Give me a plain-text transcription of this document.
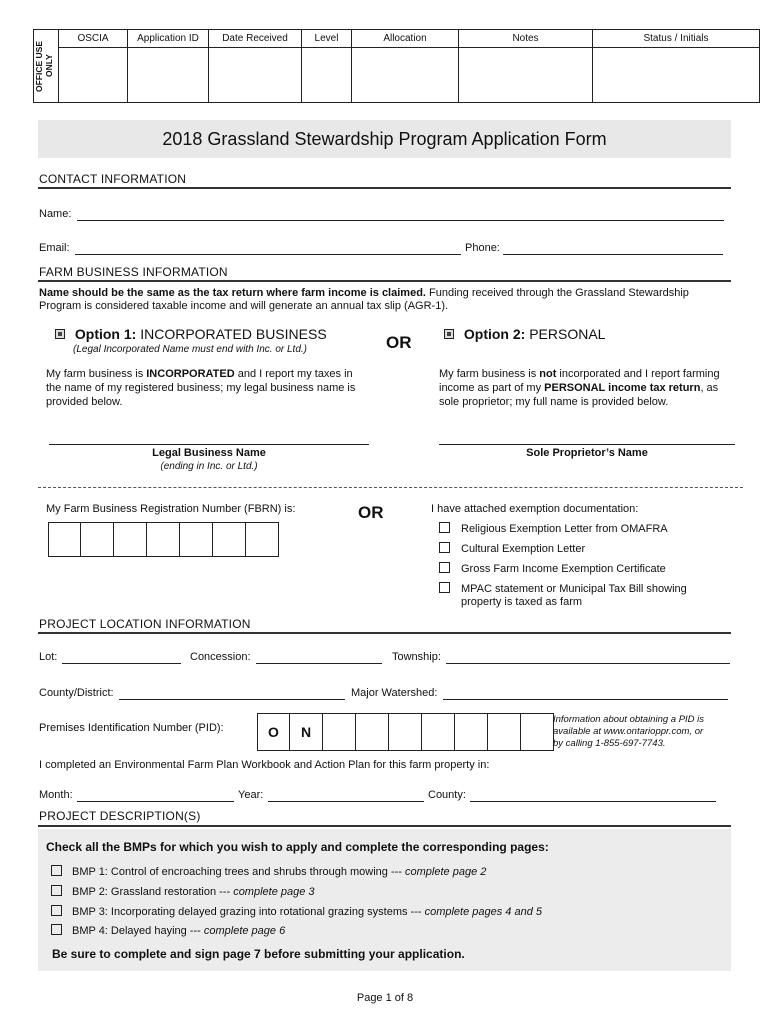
OFFICE USE ONLY	OSCIA	Application ID	Date Received	Level	Allocation	Notes	Status / Initials

2018 Grassland Stewardship Program Application Form
CONTACT INFORMATION
Name:
Email:	Phone:
FARM BUSINESS INFORMATION
Name should be the same as the tax return where farm income is claimed. Funding received through the Grassland Stewardship
Program is considered taxable income and will generate an annual tax slip (AGR-1).
Option 1: INCORPORATED BUSINESS
(Legal Incorporated Name must end with Inc. or Ltd.)	OR	Option 2: PERSONAL
My farm business is INCORPORATED and I report my taxes in
the name of my registered business; my legal business name is
provided below.
My farm business is not incorporated and I report farming
income as part of my PERSONAL income tax return, as
sole proprietor; my full name is provided below.
Legal Business Name
(ending in Inc. or Ltd.)
Sole Proprietor’s Name
My Farm Business Registration Number (FBRN) is:	OR	I have attached exemption documentation:
Religious Exemption Letter from OMAFRA
Cultural Exemption Letter
Gross Farm Income Exemption Certificate
MPAC statement or Municipal Tax Bill showing
property is taxed as farm
PROJECT LOCATION INFORMATION
Lot:	Concession:	Township:
County/District:	Major Watershed:
Premises Identification Number (PID):	O	N
Information about obtaining a PID is
available at www.ontarioppr.com, or
by calling 1-855-697-7743.
I completed an Environmental Farm Plan Workbook and Action Plan for this farm property in:
Month:	Year:	County:
PROJECT DESCRIPTION(S)
Check all the BMPs for which you wish to apply and complete the corresponding pages:
BMP 1: Control of encroaching trees and shrubs through mowing --- complete page 2
BMP 2: Grassland restoration --- complete page 3
BMP 3: Incorporating delayed grazing into rotational grazing systems --- complete pages 4 and 5
BMP 4: Delayed haying --- complete page 6
Be sure to complete and sign page 7 before submitting your application.
Page 1 of 8
